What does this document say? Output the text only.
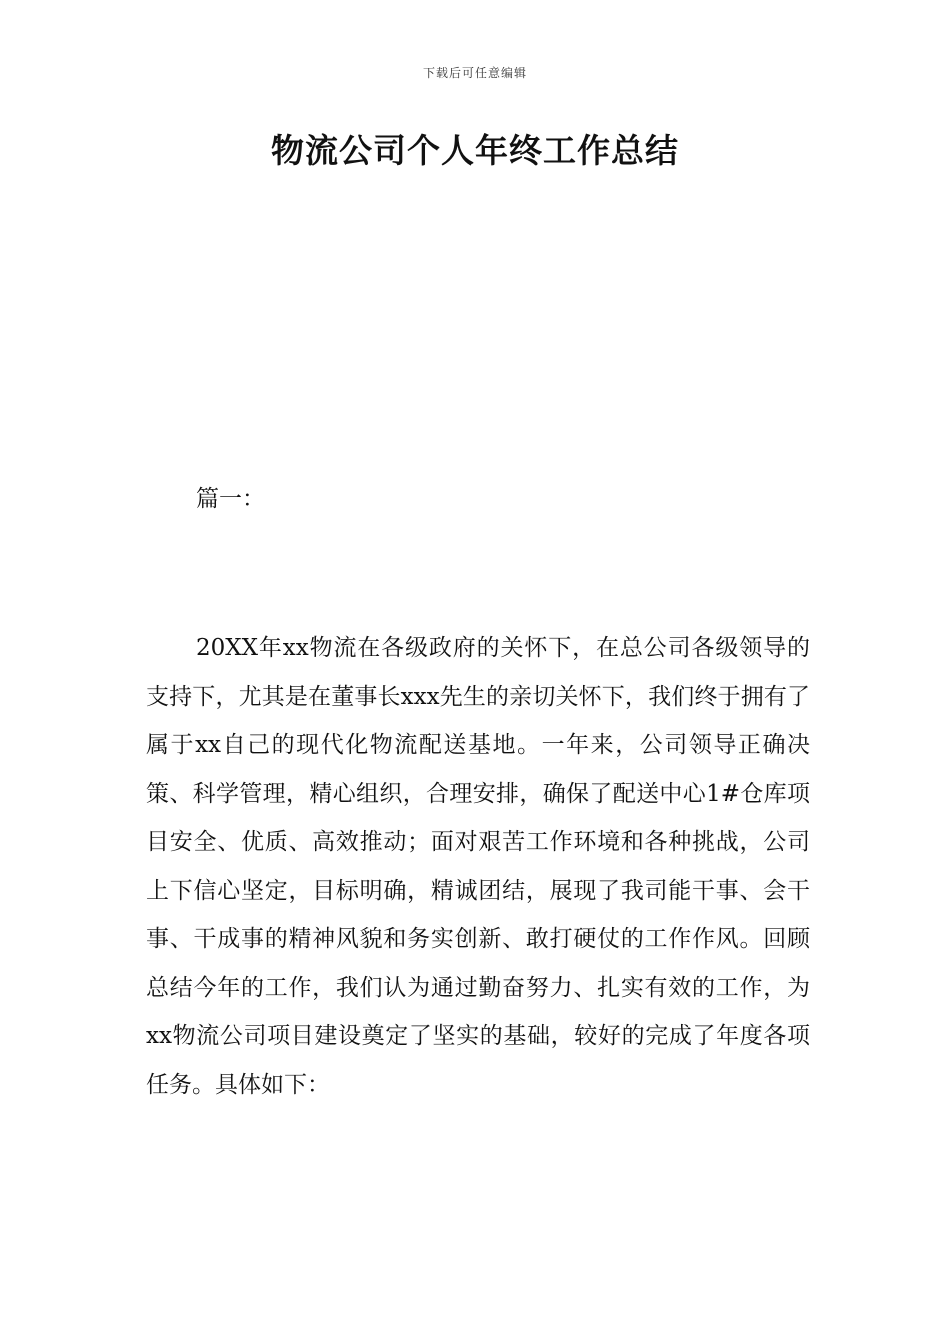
下载后可任意编辑
物流公司个人年终工作总结
篇一：

20XX年xx物流在各级政府的关怀下，在总公司各级领导的支持下，尤其是在董事长xxx先生的亲切关怀下，我们终于拥有了属于xx自己的现代化物流配送基地。一年来，公司领导正确决策、科学管理，精心组织，合理安排，确保了配送中心1#仓库项目安全、优质、高效推动；面对艰苦工作环境和各种挑战，公司上下信心坚定，目标明确，精诚团结，展现了我司能干事、会干事、干成事的精神风貌和务实创新、敢打硬仗的工作作风。回顾总结今年的工作，我们认为通过勤奋努力、扎实有效的工作，为xx物流公司项目建设奠定了坚实的基础，较好的完成了年度各项任务。具体如下：
